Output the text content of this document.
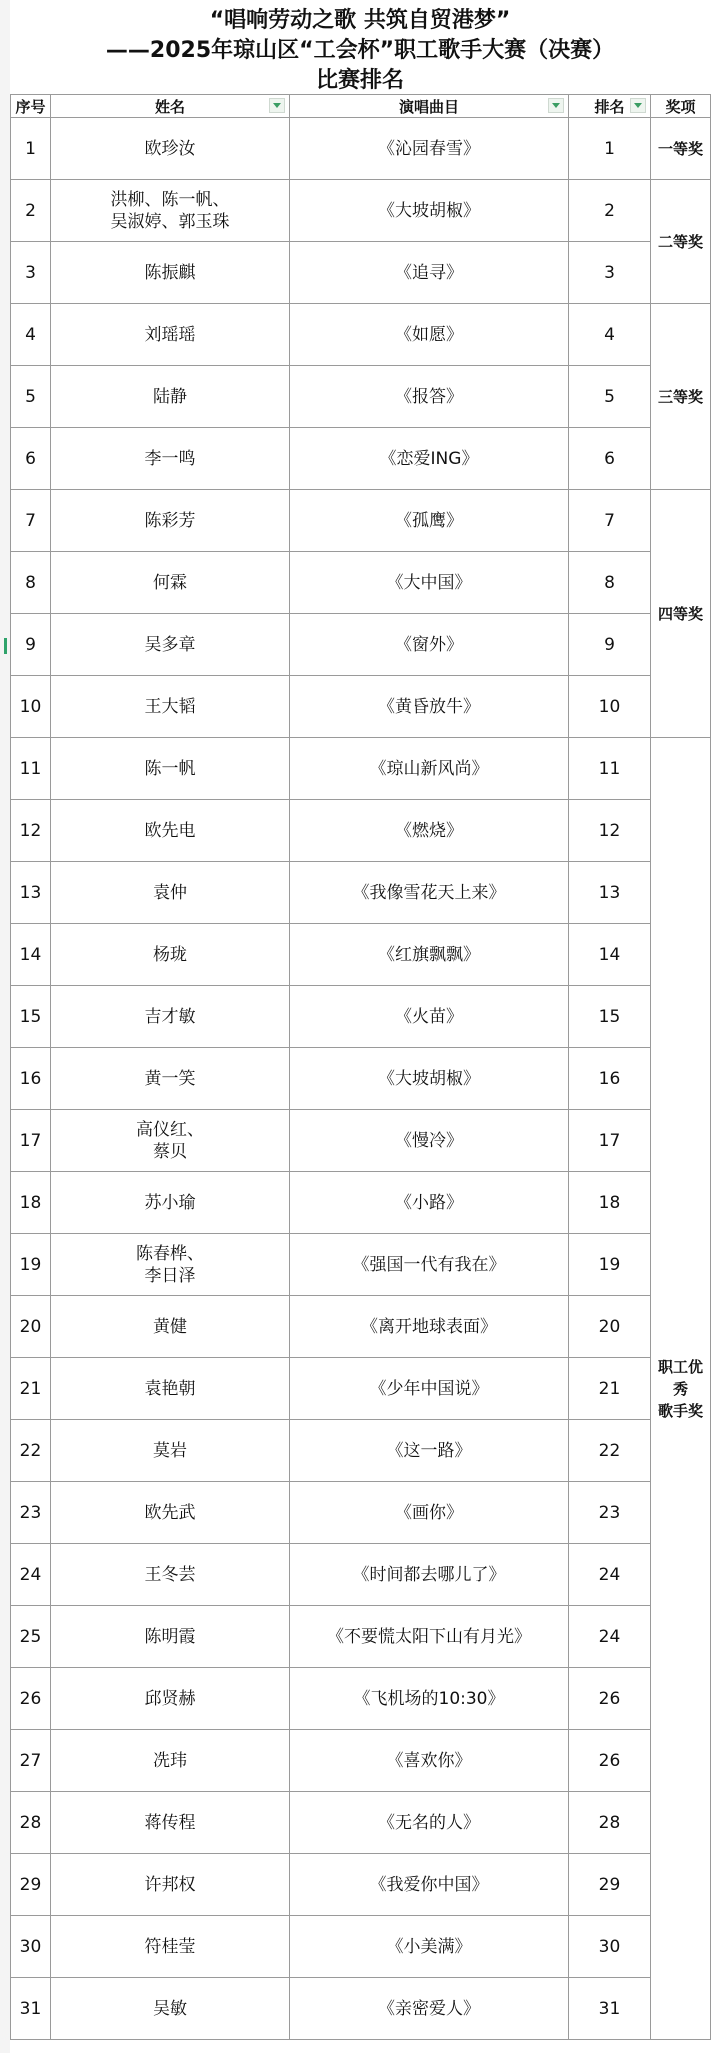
“唱响劳动之歌 共筑自贸港梦”
——2025年琼山区“工会杯”职工歌手大赛（决赛）
比赛排名
序号	姓名	演唱曲目	排名	奖项
1	欧珍汝	《沁园春雪》	1	一等奖
2	洪柳、陈一帆、
吴淑婷、郭玉珠	《大坡胡椒》	2	二等奖
3	陈振麒	《追寻》	3	
4	刘瑶瑶	《如愿》	4	三等奖
5	陆静	《报答》	5	
6	李一鸣	《恋爱ING》	6	
7	陈彩芳	《孤鹰》	7	四等奖
8	何霖	《大中国》	8	
9	吴多章	《窗外》	9	
10	王大韬	《黄昏放牛》	10	
11	陈一帆	《琼山新风尚》	11	职工优秀
歌手奖
12	欧先电	《燃烧》	12	
13	袁仲	《我像雪花天上来》	13	
14	杨珑	《红旗飘飘》	14	
15	吉才敏	《火苗》	15	
16	黄一笑	《大坡胡椒》	16	
17	高仪红、
蔡贝	《慢冷》	17	
18	苏小瑜	《小路》	18	
19	陈春桦、
李日泽	《强国一代有我在》	19	
20	黄健	《离开地球表面》	20	
21	袁艳朝	《少年中国说》	21	
22	莫岩	《这一路》	22	
23	欧先武	《画你》	23	
24	王冬芸	《时间都去哪儿了》	24	
25	陈明霞	《不要慌太阳下山有月光》	24	
26	邱贤赫	《飞机场的10:30》	26	
27	冼玮	《喜欢你》	26	
28	蒋传程	《无名的人》	28	
29	许邦权	《我爱你中国》	29	
30	符桂莹	《小美满》	30	
31	吴敏	《亲密爱人》	31	
